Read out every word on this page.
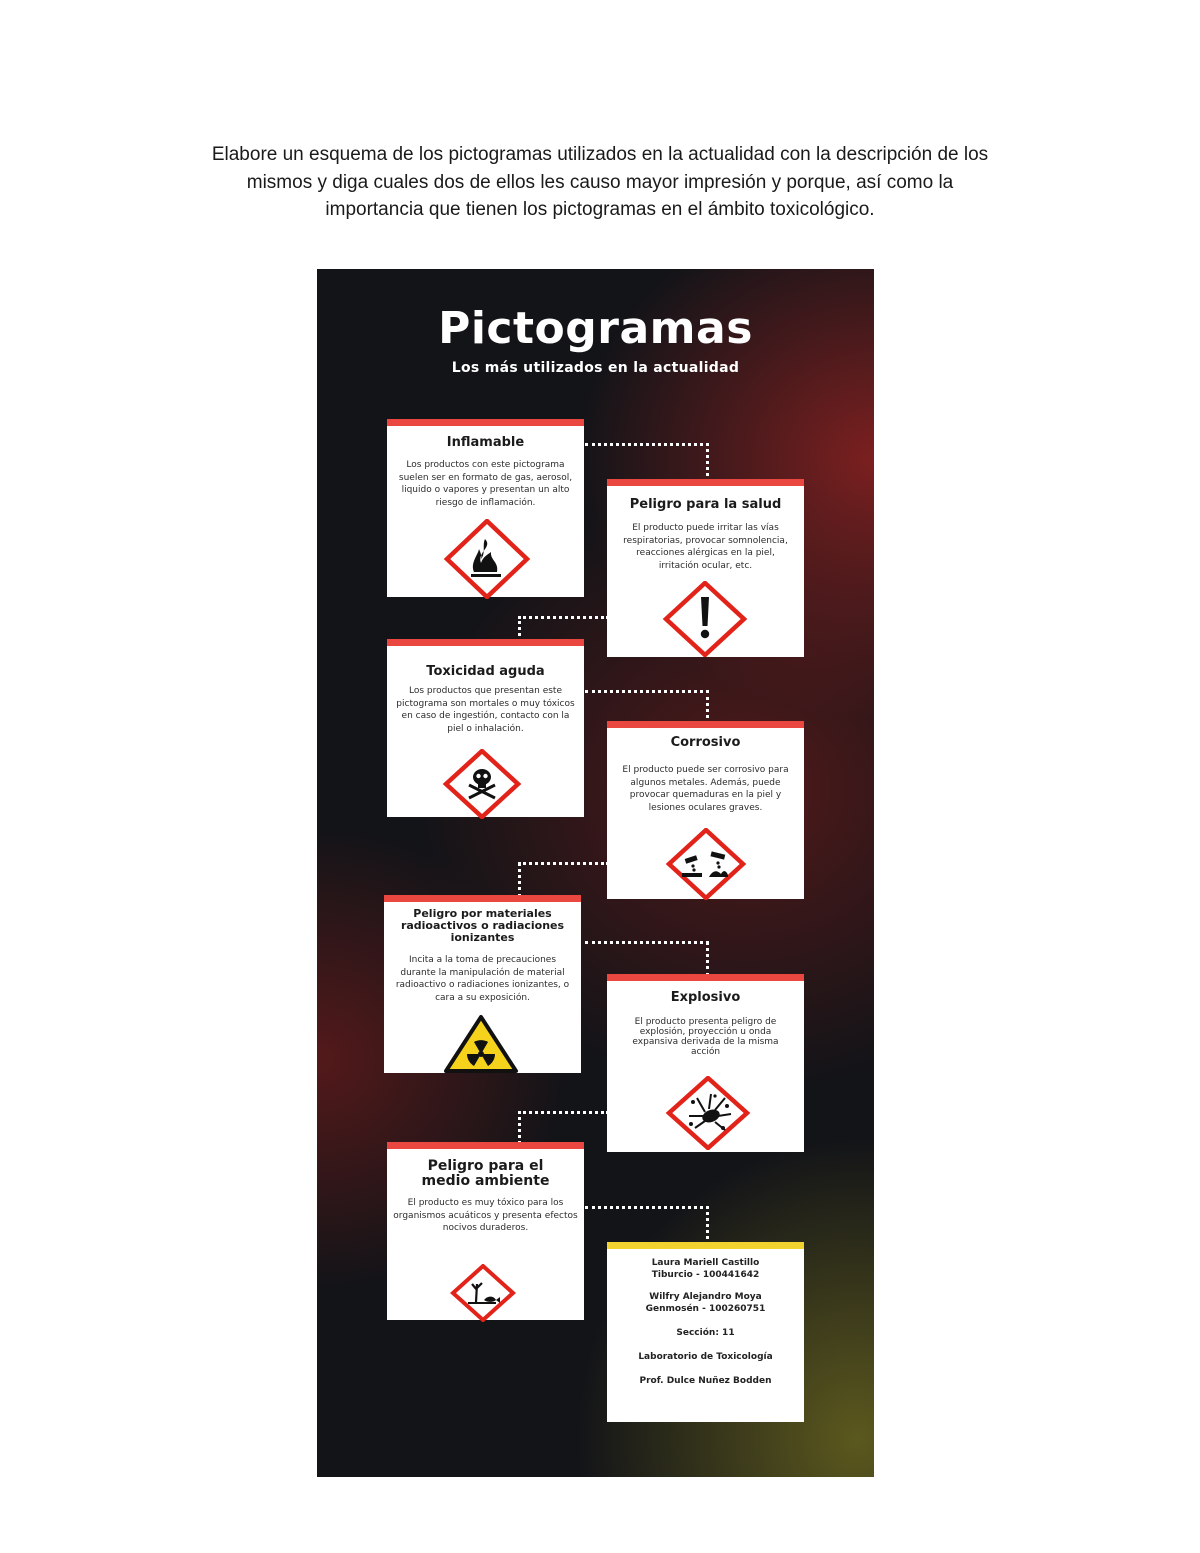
Elabore un esquema de los pictogramas utilizados en la actualidad con la descripción de los
mismos y diga cuales dos de ellos les causo mayor impresión y porque, así como la
importancia que tienen los pictogramas en el ámbito toxicológico.

Pictogramas
Los más utilizados en la actualidad
Inflamable
Los productos con este pictograma suelen ser en formato de gas, aerosol, liquido o vapores y presentan un alto riesgo de inflamación.	Peligro para la salud
El producto puede irritar las vías respiratorias, provocar somnolencia, reacciones alérgicas en la piel, irritación ocular, etc.
Toxicidad aguda
Los productos que presentan este pictograma son mortales o muy tóxicos en caso de ingestión, contacto con la piel o inhalación.
Corrosivo
El producto puede ser corrosivo para algunos metales. Además, puede provocar quemaduras en la piel y lesiones oculares graves.
Peligro por materiales radioactivos o radiaciones ionizantes
Incita a la toma de precauciones durante la manipulación de material radioactivo o radiaciones ionizantes, o cara a su exposición.	Explosivo
El producto presenta peligro de explosión, proyección u onda expansiva derivada de la misma acción
Peligro para el medio ambiente
El producto es muy tóxico para los organismos acuáticos y presenta efectos nocivos duraderos.

Laura Mariell Castillo Tiburcio - 100441642

Wilfry Alejandro Moya

Genmosén - 100260751

Sección: 11

Laboratorio de Toxicología

Prof. Dulce Nuñez Bodden
